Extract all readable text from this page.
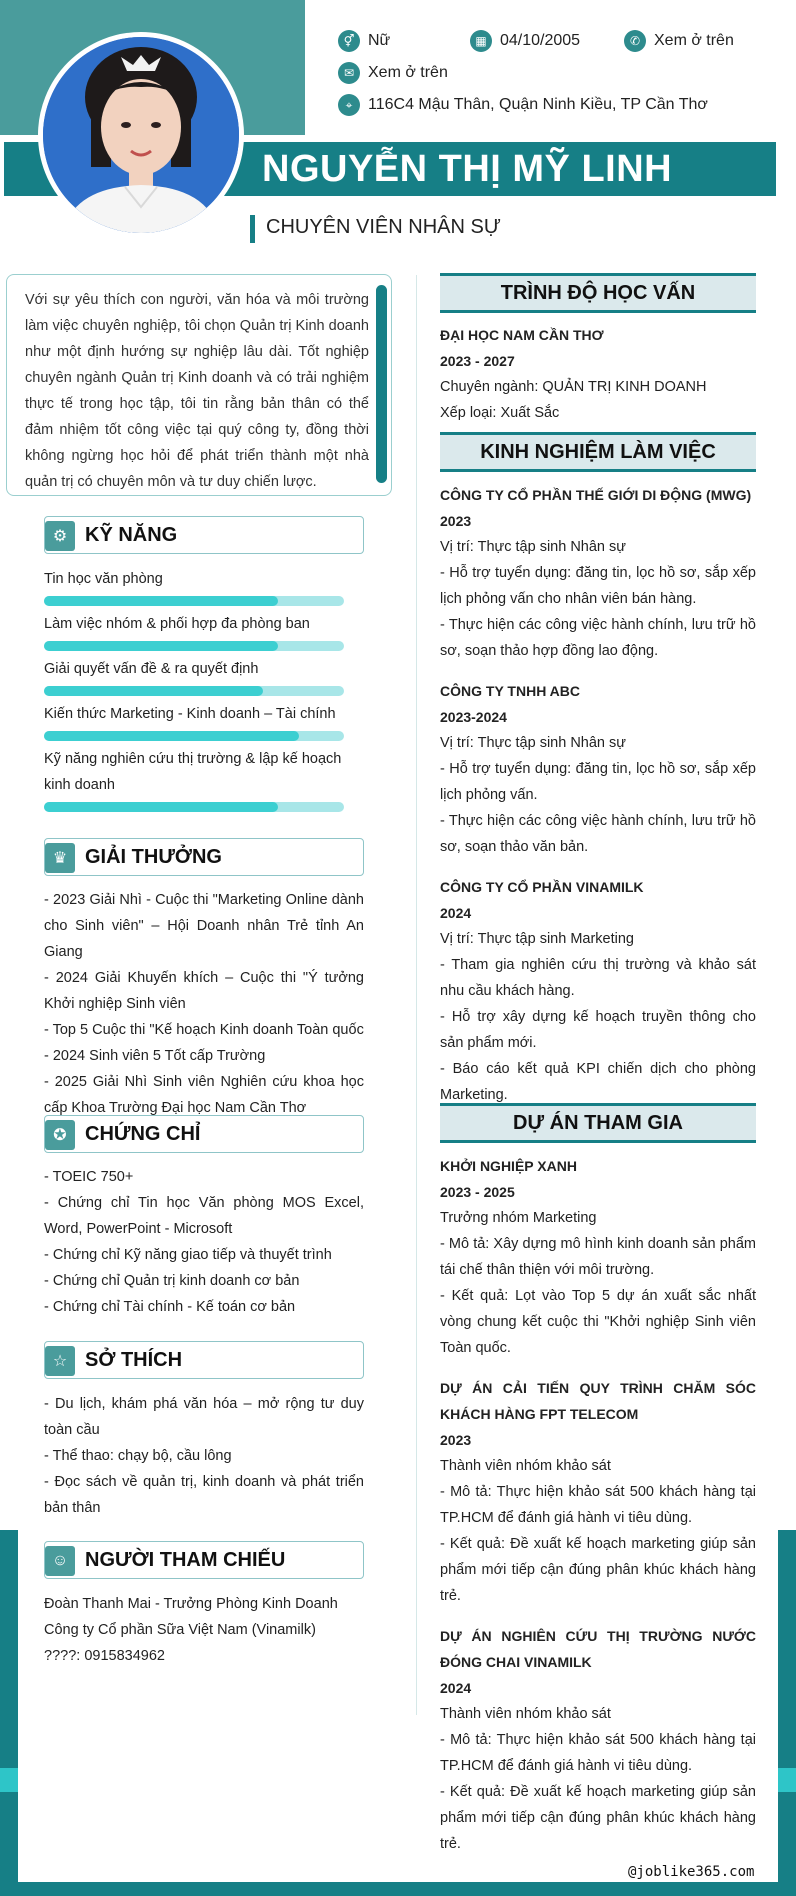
⚥ Nữ	▦ 04/10/2005	✆ Xem ở trên
✉ Xem ở trên
⌖ 116C4 Mậu Thân, Quận Ninh Kiều, TP Cần Thơ
NGUYỄN THỊ MỸ LINH
CHUYÊN VIÊN NHÂN SỰ
Với sự yêu thích con người, văn hóa và môi trường làm việc chuyên nghiệp, tôi chọn Quản trị Kinh doanh như một định hướng sự nghiệp lâu dài. Tốt nghiệp chuyên ngành Quản trị Kinh doanh và có trải nghiệm thực tế trong học tập, tôi tin rằng bản thân có thể đảm nhiệm tốt công việc tại quý công ty, đồng thời không ngừng học hỏi để phát triển thành một nhà quản trị có chuyên môn và tư duy chiến lược.
⚙ KỸ NĂNG
Tin học văn phòng
Làm việc nhóm & phối hợp đa phòng ban
Giải quyết vấn đề & ra quyết định
Kiến thức Marketing - Kinh doanh – Tài chính
Kỹ năng nghiên cứu thị trường & lập kế hoạch kinh doanh
♛ GIẢI THƯỞNG
- 2023 Giải Nhì - Cuộc thi "Marketing Online dành cho Sinh viên" – Hội Doanh nhân Trẻ tỉnh An Giang
- 2024 Giải Khuyến khích – Cuộc thi "Ý tưởng Khởi nghiệp Sinh viên
- Top 5 Cuộc thi "Kế hoạch Kinh doanh Toàn quốc
- 2024 Sinh viên 5 Tốt cấp Trường
- 2025 Giải Nhì Sinh viên Nghiên cứu khoa học cấp Khoa Trường Đại học Nam Cần Thơ
✪ CHỨNG CHỈ
- TOEIC 750+
- Chứng chỉ Tin học Văn phòng MOS Excel, Word, PowerPoint - Microsoft
- Chứng chỉ Kỹ năng giao tiếp và thuyết trình
- Chứng chỉ Quản trị kinh doanh cơ bản
- Chứng chỉ Tài chính - Kế toán cơ bản
☆ SỞ THÍCH
- Du lịch, khám phá văn hóa – mở rộng tư duy toàn cầu
- Thể thao: chạy bộ, cầu lông
- Đọc sách về quản trị, kinh doanh và phát triển bản thân
☺ NGƯỜI THAM CHIẾU
Đoàn Thanh Mai - Trưởng Phòng Kinh Doanh
Công ty Cổ phần Sữa Việt Nam (Vinamilk)
????: 0915834962
TRÌNH ĐỘ HỌC VẤN
ĐẠI HỌC NAM CẦN THƠ
2023 - 2027
Chuyên ngành: QUẢN TRỊ KINH DOANH
Xếp loại: Xuất Sắc
KINH NGHIỆM LÀM VIỆC
CÔNG TY CỔ PHẦN THẾ GIỚI DI ĐỘNG (MWG)
2023
Vị trí: Thực tập sinh Nhân sự
- Hỗ trợ tuyển dụng: đăng tin, lọc hồ sơ, sắp xếp lịch phỏng vấn cho nhân viên bán hàng.
- Thực hiện các công việc hành chính, lưu trữ hồ sơ, soạn thảo hợp đồng lao động.
CÔNG TY TNHH ABC
2023-2024
Vị trí: Thực tập sinh Nhân sự
- Hỗ trợ tuyển dụng: đăng tin, lọc hồ sơ, sắp xếp lịch phỏng vấn.
- Thực hiện các công việc hành chính, lưu trữ hồ sơ, soạn thảo văn bản.
CÔNG TY CỔ PHẦN VINAMILK
2024
Vị trí: Thực tập sinh Marketing
- Tham gia nghiên cứu thị trường và khảo sát nhu cầu khách hàng.
- Hỗ trợ xây dựng kế hoạch truyền thông cho sản phẩm mới.
- Báo cáo kết quả KPI chiến dịch cho phòng Marketing.
DỰ ÁN THAM GIA
KHỞI NGHIỆP XANH
2023 - 2025
Trưởng nhóm Marketing
- Mô tả: Xây dựng mô hình kinh doanh sản phẩm tái chế thân thiện với môi trường.
- Kết quả: Lọt vào Top 5 dự án xuất sắc nhất vòng chung kết cuộc thi "Khởi nghiệp Sinh viên Toàn quốc.
DỰ ÁN CẢI TIẾN QUY TRÌNH CHĂM SÓC KHÁCH HÀNG FPT TELECOM
2023
Thành viên nhóm khảo sát
- Mô tả: Thực hiện khảo sát 500 khách hàng tại TP.HCM để đánh giá hành vi tiêu dùng.
- Kết quả: Đề xuất kế hoạch marketing giúp sản phẩm mới tiếp cận đúng phân khúc khách hàng trẻ.
DỰ ÁN NGHIÊN CỨU THỊ TRƯỜNG NƯỚC ĐÓNG CHAI VINAMILK
2024
Thành viên nhóm khảo sát
- Mô tả: Thực hiện khảo sát 500 khách hàng tại TP.HCM để đánh giá hành vi tiêu dùng.
- Kết quả: Đề xuất kế hoạch marketing giúp sản phẩm mới tiếp cận đúng phân khúc khách hàng trẻ.
@joblike365.com
